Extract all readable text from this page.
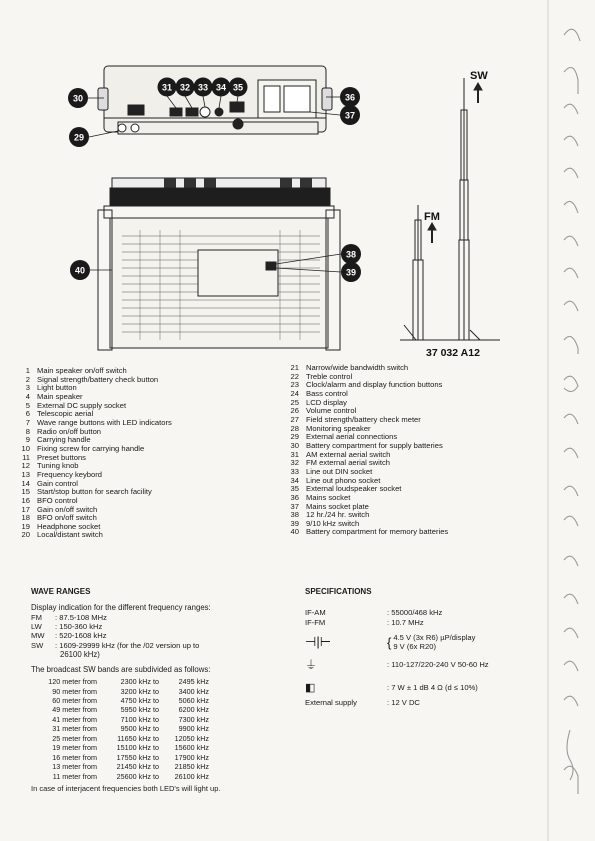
SW
FM
37 032 A12
30
31 32 33 34 35
36
37
29
38
39
40
1 Main speaker on/off switch
2 Signal strength/battery check button
3 Light button
4 Main speaker
5 External DC supply socket
6 Telescopic aerial
7 Wave range buttons with LED indicators
8 Radio on/off button
9 Carrying handle
10 Fixing screw for carrying handle
11 Preset buttons
12 Tuning knob
13 Frequency keybord
14 Gain control
15 Start/stop button for search facility
16 BFO control
17 Gain on/off switch
18 BFO on/off switch
19 Headphone socket
20 Local/distant switch
21 Narrow/wide bandwidth switch
22 Treble control
23 Clock/alarm and display function buttons
24 Bass control
25 LCD display
26 Volume control
27 Field strength/battery check meter
28 Monitoring speaker
29 External aerial connections
30 Battery compartment for supply batteries
31 AM external aerial switch
32 FM external aerial switch
33 Line out DIN socket
34 Line out phono socket
35 External loudspeaker socket
36 Mains socket
37 Mains socket plate
38 12 hr./24 hr. switch
39 9/10 kHz switch
40 Battery compartment for memory batteries
WAVE RANGES
Display indication for the different frequency ranges:
FM	: 87.5-108 MHz
LW	: 150-360 kHz
MW	: 520-1608 kHz
SW	: 1609-29999 kHz (for the /02 version up to
26100 kHz)
The broadcast SW bands are subdivided as follows:
120 meter from	2300 kHz to	2495 kHz
90 meter from	3200 kHz to	3400 kHz
60 meter from	4750 kHz to	5060 kHz
49 meter from	5950 kHz to	6200 kHz
41 meter from	7100 kHz to	7300 kHz
31 meter from	9500 kHz to	9900 kHz
25 meter from	11650 kHz to	12050 kHz
19 meter from	15100 kHz to	15600 kHz
16 meter from	17550 kHz to	17900 kHz
13 meter from	21450 kHz to	21850 kHz
11 meter from	25600 kHz to	26100 kHz
In case of interjacent frequencies both LED's will light up.
SPECIFICATIONS
IF-AM	: 55000/468 kHz
IF-FM	: 10.7 MHz
⊣|⊢	{ 4.5 V (3x R6) µP/display
9 V (6x R20)
⏚	: 110-127/220-240 V 50-60 Hz
◧	: 7 W ± 1 dB 4 Ω (d ≤ 10%)
External supply	: 12 V DC
